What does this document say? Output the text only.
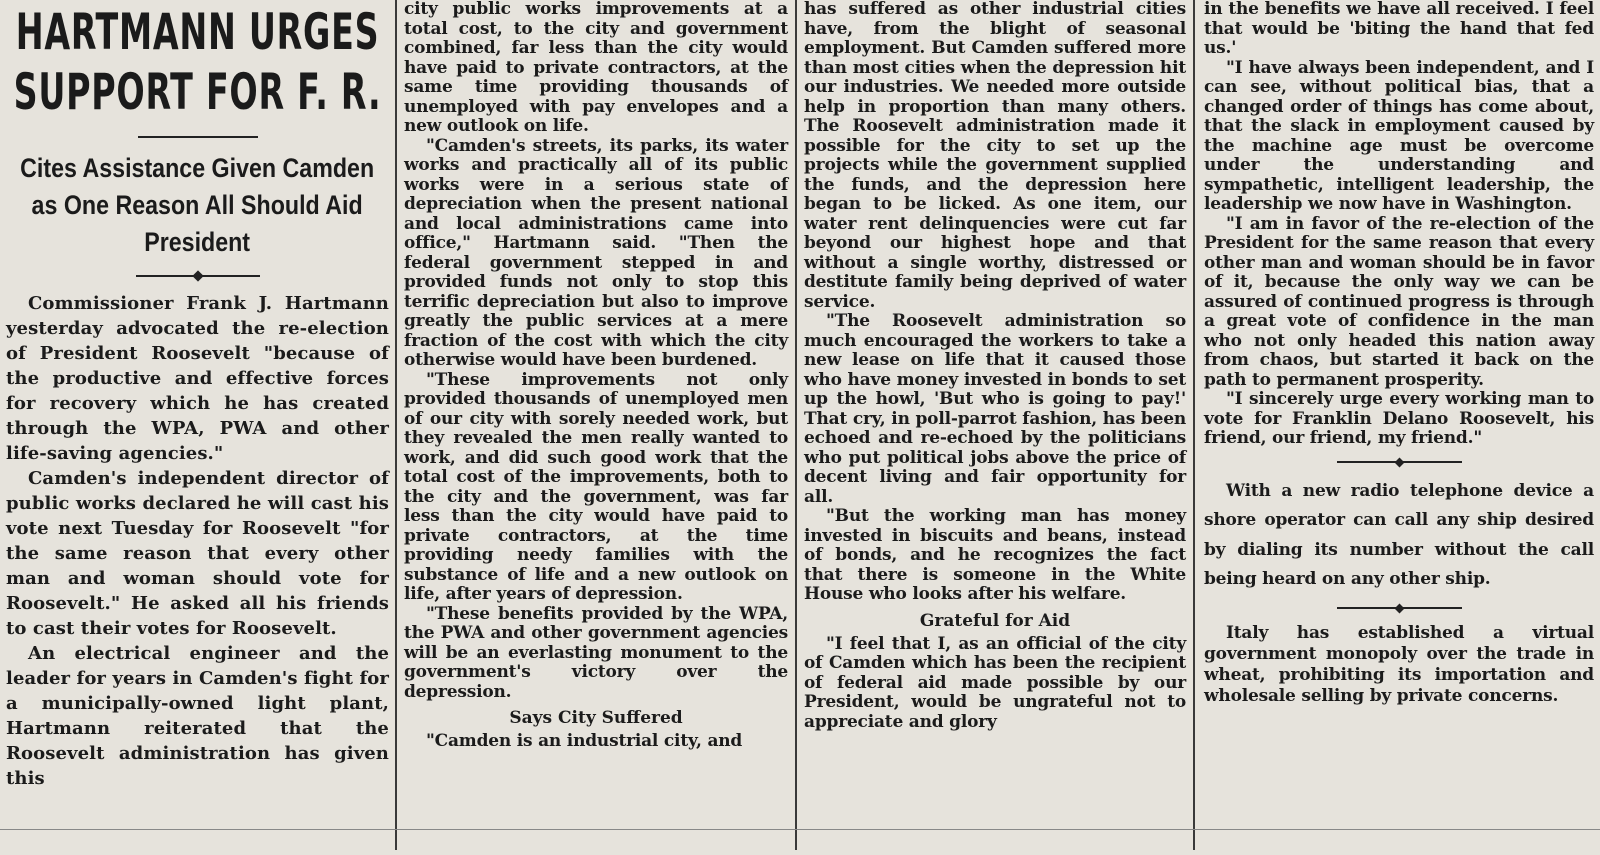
HARTMANN URGES
SUPPORT FOR F. R.
Cites Assistance Given Camden as One Reason All Should Aid President

Commissioner Frank J. Hartmann yesterday advocated the re-election of President Roosevelt "because of the productive and effective forces for recovery which he has created through the WPA, PWA and other life-saving agencies."

Camden's independent director of public works declared he will cast his vote next Tuesday for Roosevelt "for the same reason that every other man and woman should vote for Roosevelt." He asked all his friends to cast their votes for Roosevelt.

An electrical engineer and the leader for years in Camden's fight for a municipally-owned light plant, Hartmann reiterated that the Roosevelt administration has given this

city public works improvements at a total cost, to the city and government combined, far less than the city would have paid to private contractors, at the same time providing thousands of unemployed with pay envelopes and a new outlook on life.

"Camden's streets, its parks, its water works and practically all of its public works were in a serious state of depreciation when the present national and local administrations came into office," Hartmann said. "Then the federal government stepped in and provided funds not only to stop this terrific depreciation but also to improve greatly the public services at a mere fraction of the cost with which the city otherwise would have been burdened.

"These improvements not only provided thousands of unemployed men of our city with sorely needed work, but they revealed the men really wanted to work, and did such good work that the total cost of the improvements, both to the city and the government, was far less than the city would have paid to private contractors, at the time providing needy families with the substance of life and a new outlook on life, after years of depression.

"These benefits provided by the WPA, the PWA and other government agencies will be an everlasting monument to the government's victory over the depression.

Says City Suffered

"Camden is an industrial city, and

has suffered as other industrial cities have, from the blight of seasonal employment. But Camden suffered more than most cities when the depression hit our industries. We needed more outside help in proportion than many others. The Roosevelt administration made it possible for the city to set up the projects while the government supplied the funds, and the depression here began to be licked. As one item, our water rent delinquencies were cut far beyond our highest hope and that without a single worthy, distressed or destitute family being deprived of water service.

"The Roosevelt administration so much encouraged the workers to take a new lease on life that it caused those who have money invested in bonds to set up the howl, 'But who is going to pay!' That cry, in poll-parrot fashion, has been echoed and re-echoed by the politicians who put political jobs above the price of decent living and fair opportunity for all.

"But the working man has money invested in biscuits and beans, instead of bonds, and he recognizes the fact that there is someone in the White House who looks after his welfare.

Grateful for Aid

"I feel that I, as an official of the city of Camden which has been the recipient of federal aid made possible by our President, would be ungrateful not to appreciate and glory

in the benefits we have all received. I feel that would be 'biting the hand that fed us.'

"I have always been independent, and I can see, without political bias, that a changed order of things has come about, that the slack in employment caused by the machine age must be overcome under the understanding and sympathetic, intelligent leadership, the leadership we now have in Washington.

"I am in favor of the re-election of the President for the same reason that every other man and woman should be in favor of it, because the only way we can be assured of continued progress is through a great vote of confidence in the man who not only headed this nation away from chaos, but started it back on the path to permanent prosperity.

"I sincerely urge every working man to vote for Franklin Delano Roosevelt, his friend, our friend, my friend."

With a new radio telephone device a shore operator can call any ship desired by dialing its number without the call being heard on any other ship.

Italy has established a virtual government monopoly over the trade in wheat, prohibiting its importation and wholesale selling by private concerns.
